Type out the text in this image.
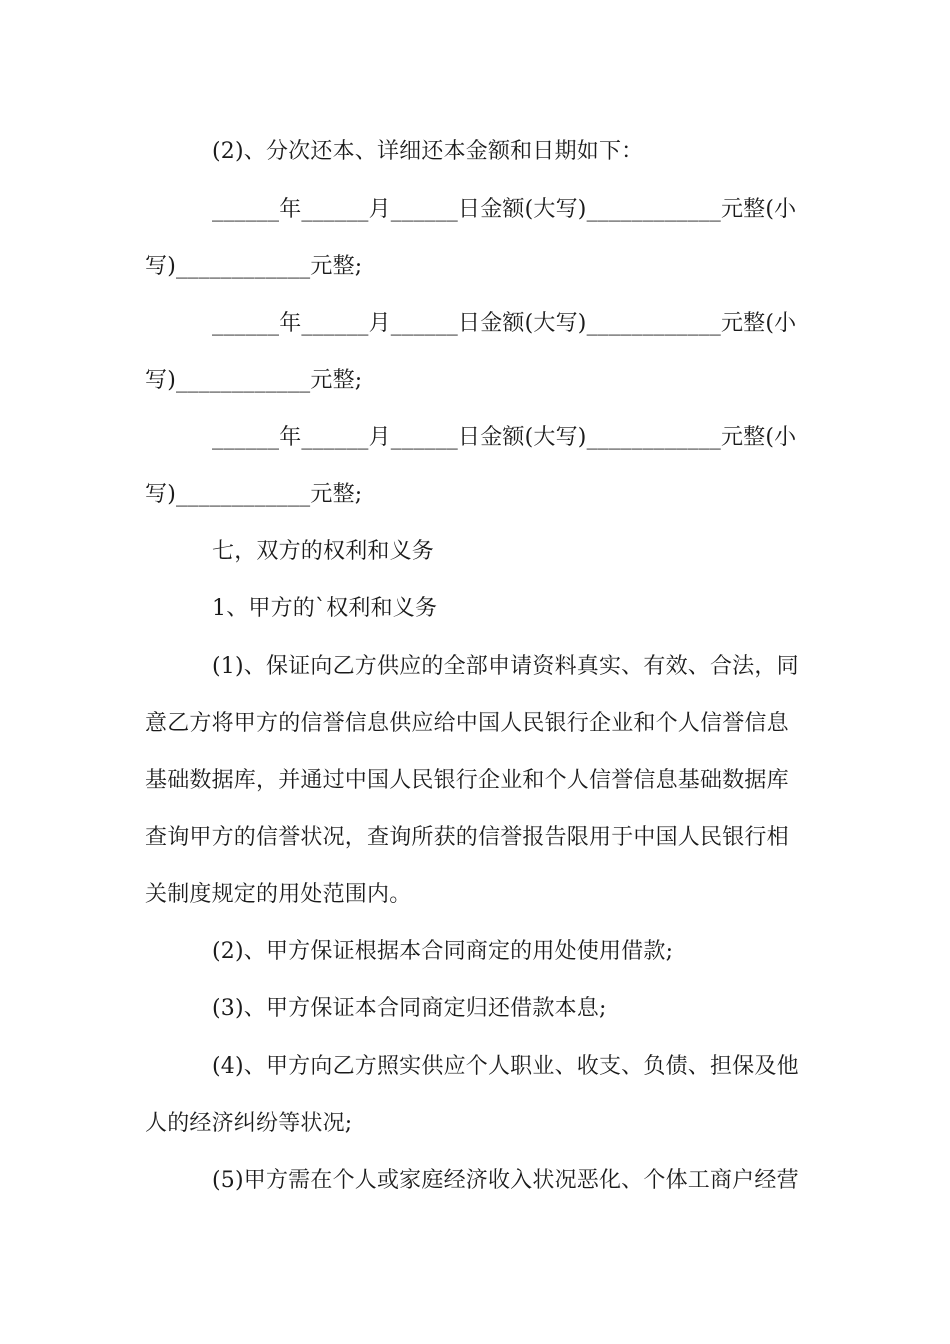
(2)、分次还本、详细还本金额和日期如下：
______年______月______日金额(大写)____________元整(小
写)____________元整;
______年______月______日金额(大写)____________元整(小
写)____________元整;
______年______月______日金额(大写)____________元整(小
写)____________元整;
七，双方的权利和义务
1、甲方的`权利和义务
(1)、保证向乙方供应的全部申请资料真实、有效、合法，同
意乙方将甲方的信誉信息供应给中国人民银行企业和个人信誉信息
基础数据库，并通过中国人民银行企业和个人信誉信息基础数据库
查询甲方的信誉状况，查询所获的信誉报告限用于中国人民银行相
关制度规定的用处范围内。
(2)、甲方保证根据本合同商定的用处使用借款;
(3)、甲方保证本合同商定归还借款本息;
(4)、甲方向乙方照实供应个人职业、收支、负债、担保及他
人的经济纠纷等状况;
(5)甲方需在个人或家庭经济收入状况恶化、个体工商户经营
